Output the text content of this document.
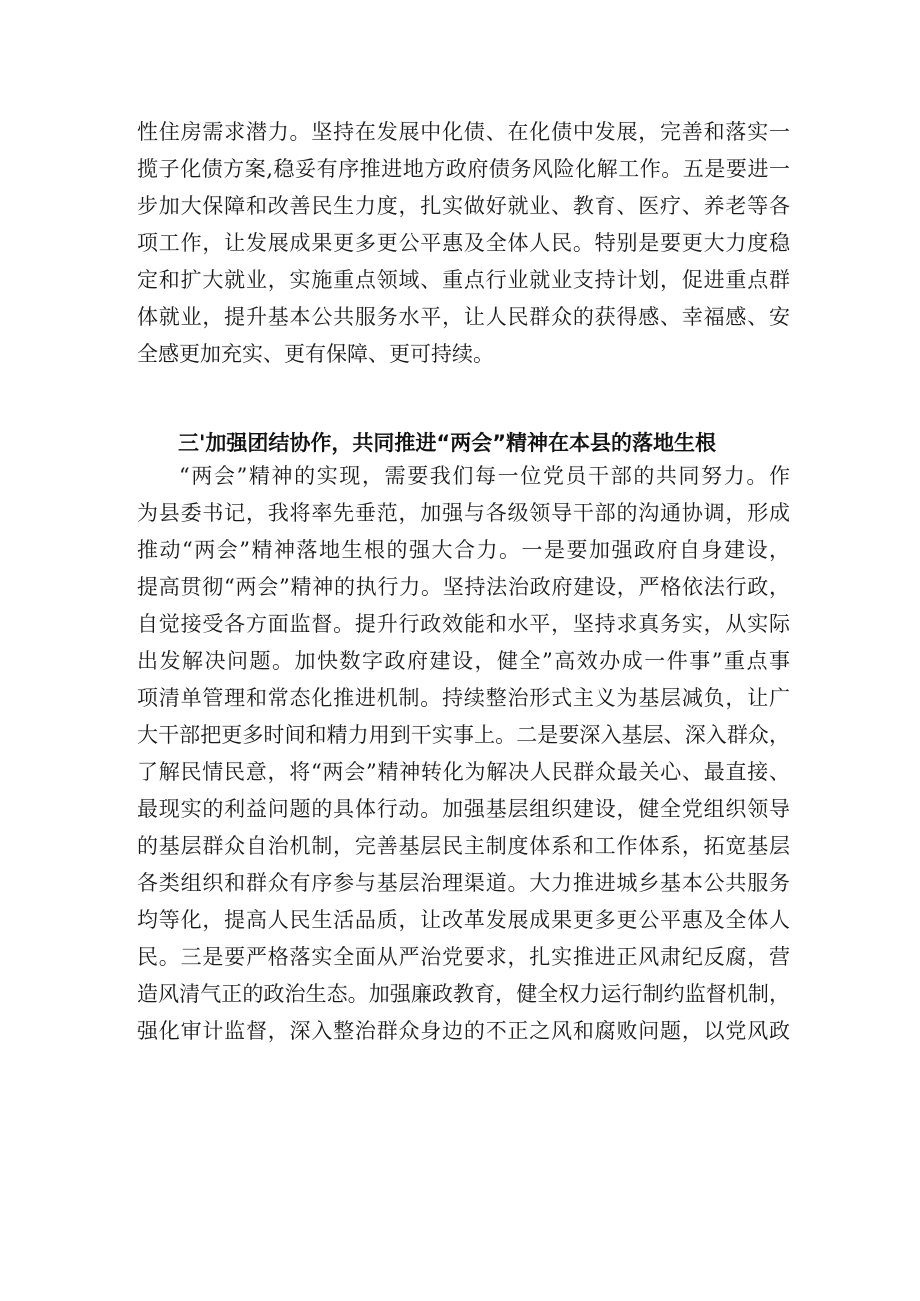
性住房需求潜力。坚持在发展中化债、在化债中发展，完善和落实一
揽子化债方案,稳妥有序推进地方政府债务风险化解工作。五是要进一
步加大保障和改善民生力度，扎实做好就业、教育、医疗、养老等各
项工作，让发展成果更多更公平惠及全体人民。特别是要更大力度稳
定和扩大就业，实施重点领域、重点行业就业支持计划，促进重点群
体就业，提升基本公共服务水平，让人民群众的获得感、幸福感、安
全感更加充实、更有保障、更可持续。
三'加强团结协作，共同推进“两会”精神在本县的落地生根
“两会”精神的实现，需要我们每一位党员干部的共同努力。作
为县委书记，我将率先垂范，加强与各级领导干部的沟通协调，形成
推动“两会”精神落地生根的强大合力。一是要加强政府自身建设，
提高贯彻“两会”精神的执行力。坚持法治政府建设，严格依法行政，
自觉接受各方面监督。提升行政效能和水平，坚持求真务实，从实际
出发解决问题。加快数字政府建设，健全”高效办成一件事”重点事
项清单管理和常态化推进机制。持续整治形式主义为基层减负，让广
大干部把更多时间和精力用到干实事上。二是要深入基层、深入群众，
了解民情民意，将“两会”精神转化为解决人民群众最关心、最直接、
最现实的利益问题的具体行动。加强基层组织建设，健全党组织领导
的基层群众自治机制，完善基层民主制度体系和工作体系，拓宽基层
各类组织和群众有序参与基层治理渠道。大力推进城乡基本公共服务
均等化，提高人民生活品质，让改革发展成果更多更公平惠及全体人
民。三是要严格落实全面从严治党要求，扎实推进正风肃纪反腐，营
造风清气正的政治生态。加强廉政教育，健全权力运行制约监督机制，
强化审计监督，深入整治群众身边的不正之风和腐败问题，以党风政
